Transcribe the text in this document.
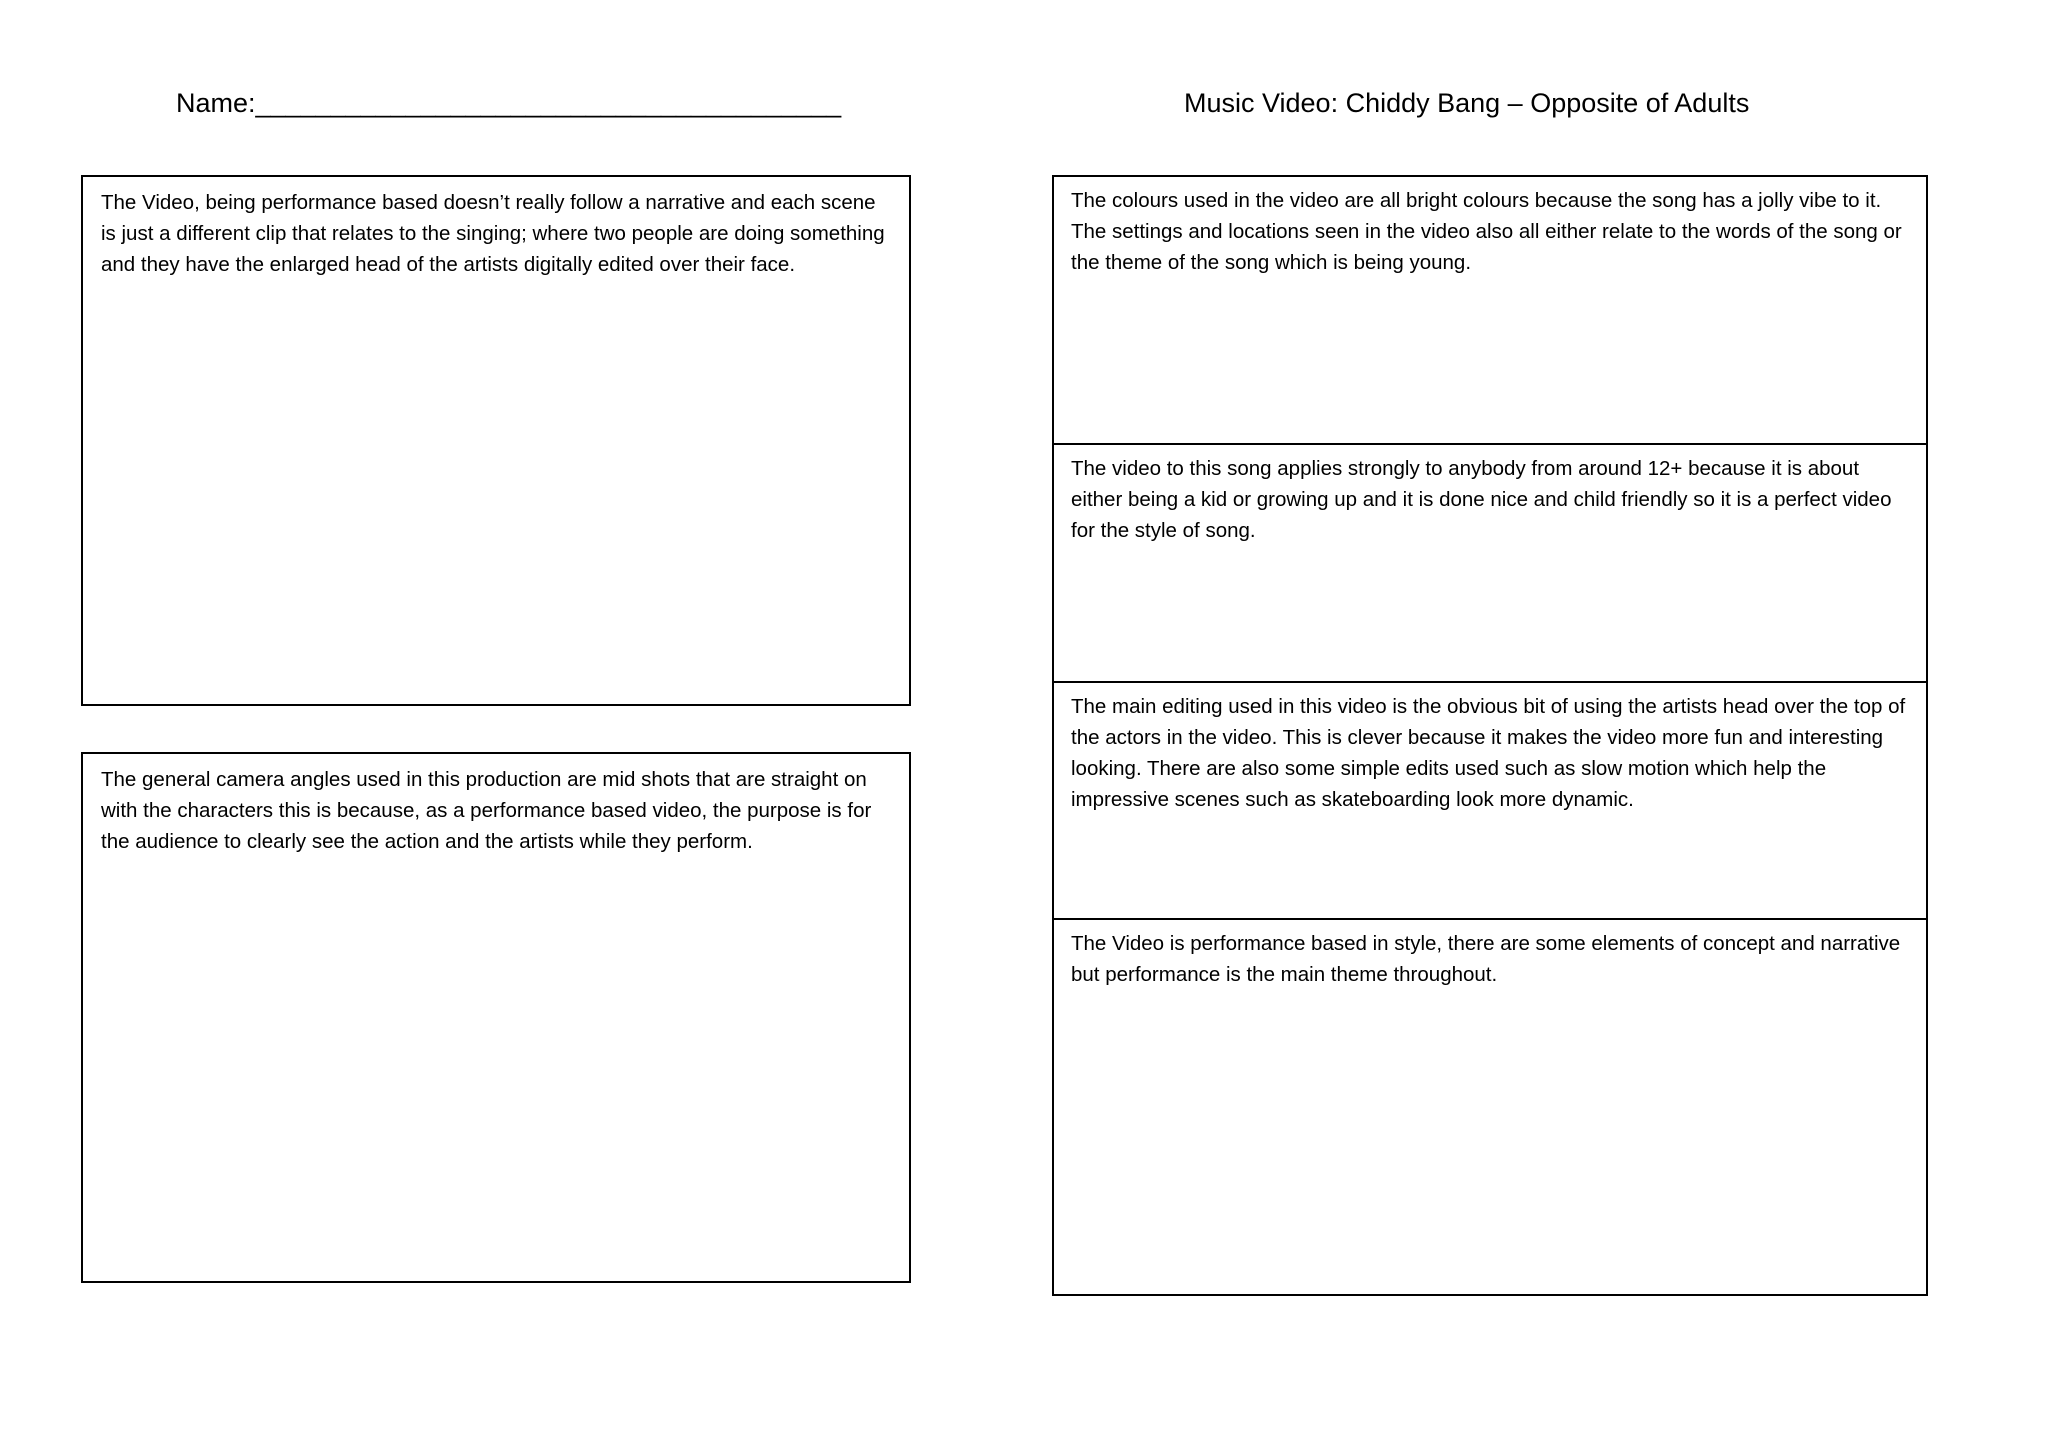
Name:_______________________________________	Music Video: Chiddy Bang – Opposite of Adults

The Video, being performance based doesn’t really follow a narrative and each scene is just a different clip that relates to the singing; where two people are doing something and they have the enlarged head of the artists digitally edited over their face.

The general camera angles used in this production are mid shots that are straight on with the characters this is because, as a performance based video, the purpose is for the audience to clearly see the action and the artists while they perform.

The colours used in the video are all bright colours because the song has a jolly vibe to it. The settings and locations seen in the video also all either relate to the words of the song or the theme of the song which is being young.

The video to this song applies strongly to anybody from around 12+ because it is about either being a kid or growing up and it is done nice and child friendly so it is a perfect video for the style of song.

The main editing used in this video is the obvious bit of using the artists head over the top of the actors in the video. This is clever because it makes the video more fun and interesting looking. There are also some simple edits used such as slow motion which help the impressive scenes such as skateboarding look more dynamic.

The Video is performance based in style, there are some elements of concept and narrative but performance is the main theme throughout.
